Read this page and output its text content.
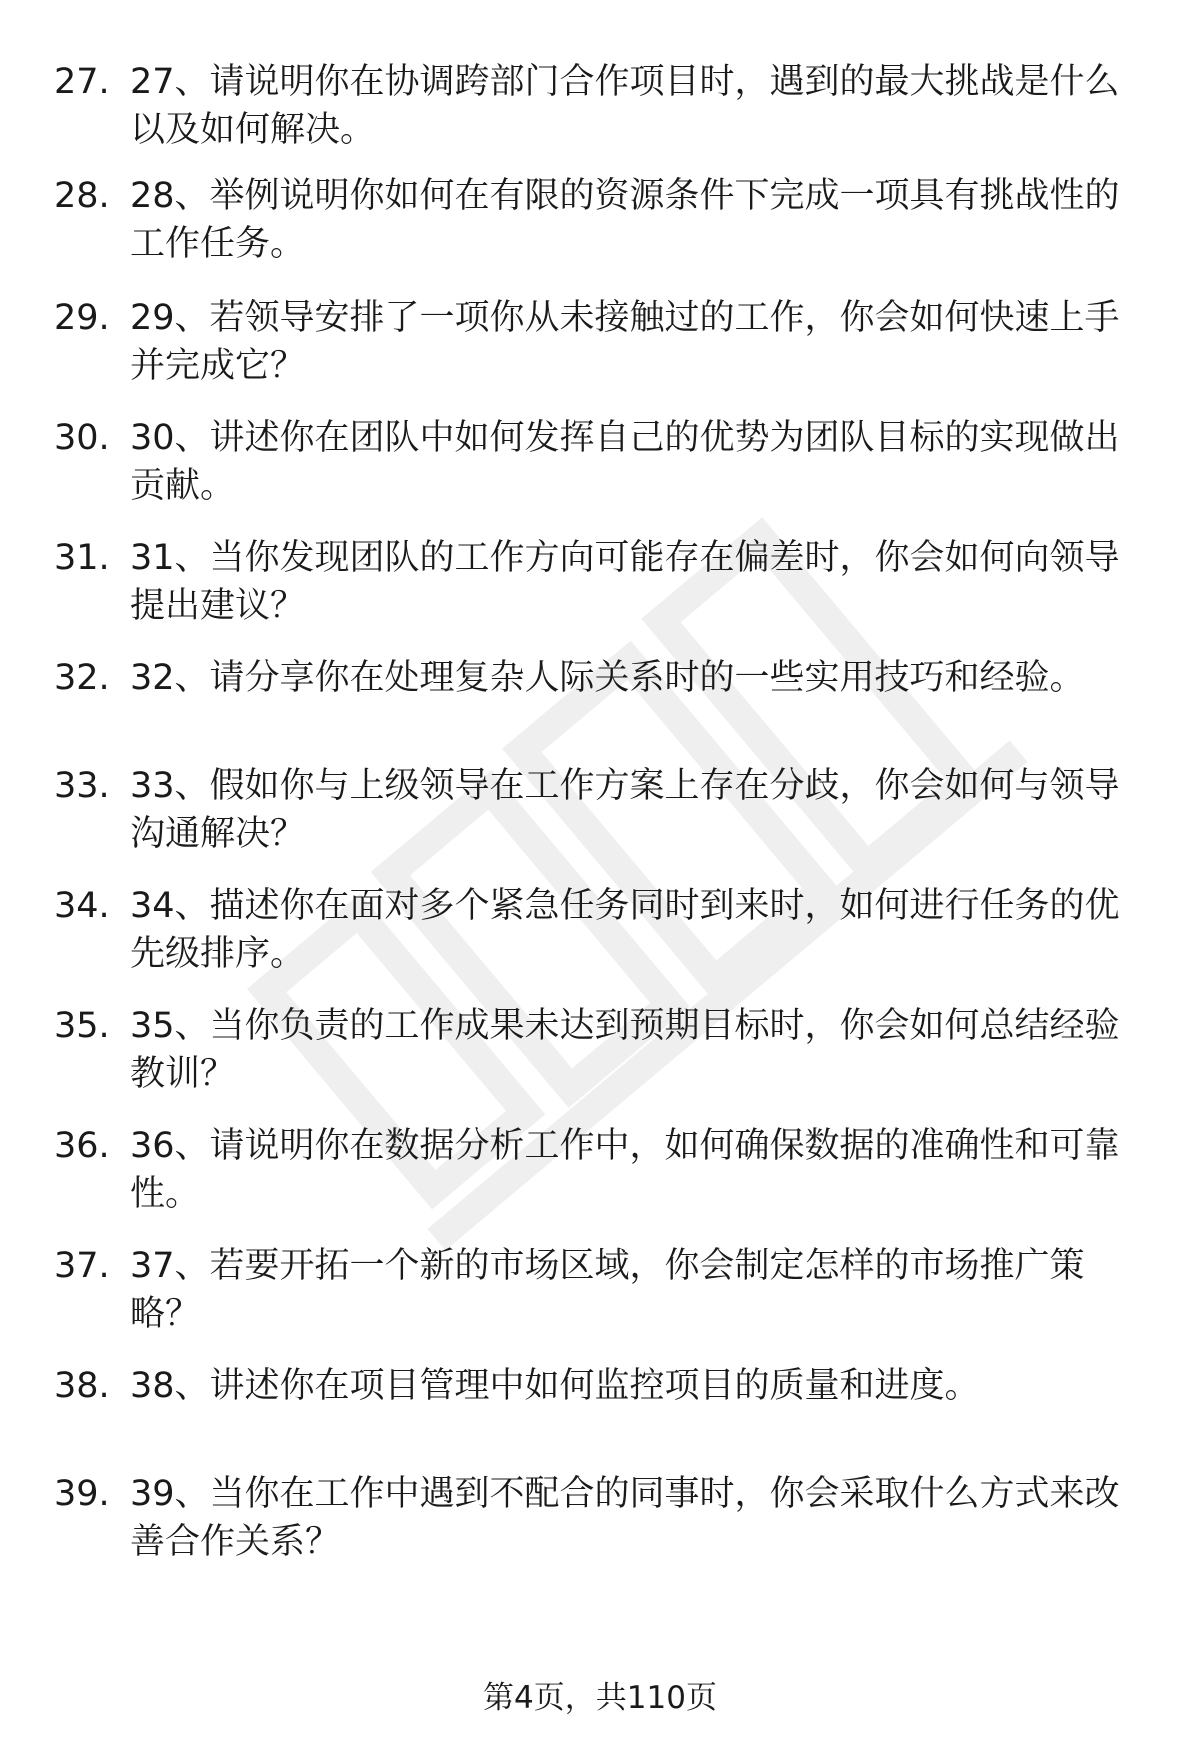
27. 27、请说明你在协调跨部门合作项目时，遇到的最大挑战是什么
以及如何解决。
28. 28、举例说明你如何在有限的资源条件下完成一项具有挑战性的
工作任务。
29. 29、若领导安排了一项你从未接触过的工作，你会如何快速上手
并完成它？
30. 30、讲述你在团队中如何发挥自己的优势为团队目标的实现做出
贡献。
31. 31、当你发现团队的工作方向可能存在偏差时，你会如何向领导
提出建议？
32. 32、请分享你在处理复杂人际关系时的一些实用技巧和经验。
33. 33、假如你与上级领导在工作方案上存在分歧，你会如何与领导
沟通解决？
34. 34、描述你在面对多个紧急任务同时到来时，如何进行任务的优
先级排序。
35. 35、当你负责的工作成果未达到预期目标时，你会如何总结经验
教训？
36. 36、请说明你在数据分析工作中，如何确保数据的准确性和可靠
性。
37. 37、若要开拓一个新的市场区域，你会制定怎样的市场推广策
略？
38. 38、讲述你在项目管理中如何监控项目的质量和进度。
39. 39、当你在工作中遇到不配合的同事时，你会采取什么方式来改
善合作关系？
第4页，共110页
